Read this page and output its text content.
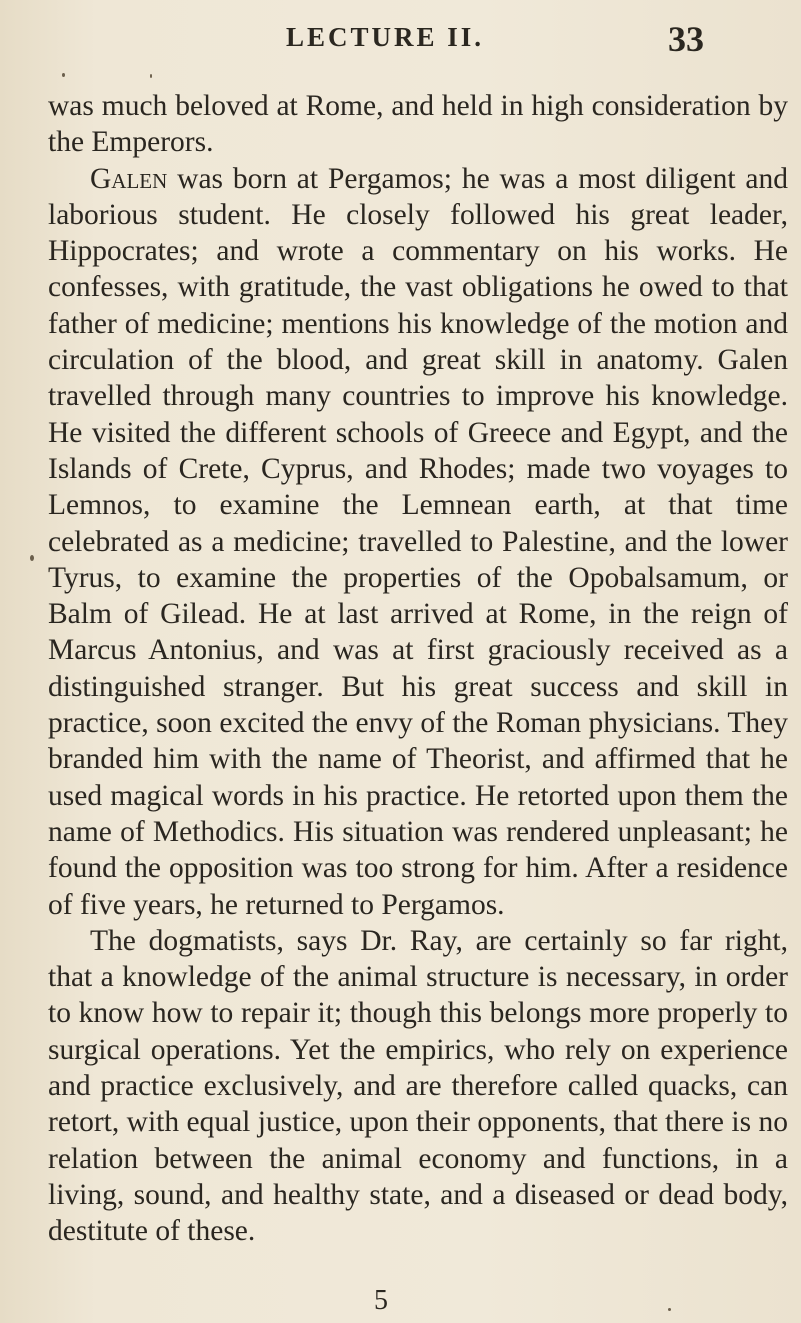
LECTURE II.	33

was much beloved at Rome, and held in high consideration by the Emperors.

Galen was born at Pergamos; he was a most diligent and laborious student. He closely followed his great leader, Hippocrates; and wrote a commentary on his works. He confesses, with gratitude, the vast obligations he owed to that father of medicine; mentions his knowledge of the motion and circulation of the blood, and great skill in anatomy. Galen travelled through many countries to improve his knowledge. He visited the different schools of Greece and Egypt, and the Islands of Crete, Cyprus, and Rhodes; made two voyages to Lemnos, to examine the Lemnean earth, at that time celebrated as a medicine; travelled to Palestine, and the lower Tyrus, to examine the properties of the Opobalsamum, or Balm of Gilead. He at last arrived at Rome, in the reign of Marcus Antonius, and was at first graciously received as a distinguished stranger. But his great success and skill in practice, soon excited the envy of the Roman physicians. They branded him with the name of Theorist, and affirmed that he used magical words in his practice. He retorted upon them the name of Methodics. His situation was rendered unpleasant; he found the opposition was too strong for him. After a residence of five years, he returned to Pergamos.

The dogmatists, says Dr. Ray, are certainly so far right, that a knowledge of the animal structure is necessary, in order to know how to repair it; though this belongs more properly to surgical operations. Yet the empirics, who rely on experience and practice exclusively, and are therefore called quacks, can retort, with equal justice, upon their opponents, that there is no relation between the animal economy and functions, in a living, sound, and healthy state, and a diseased or dead body, destitute of these.

5
